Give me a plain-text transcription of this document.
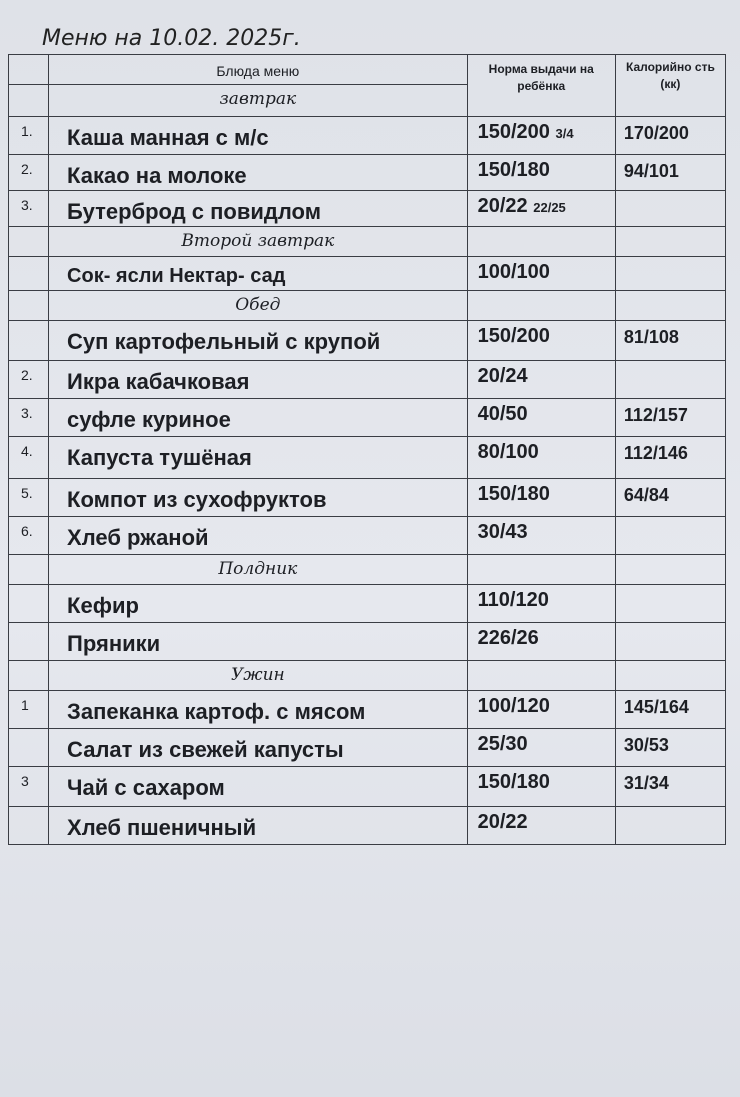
Меню на 10.02. 2025г.

	Блюда меню	Норма выдачи на ребёнка	Калорийно сть (кк)

	завтрак		

1.	Каша манная с м/с	150/200 3/4	170/200

2.	Какао на молоке	150/180	94/101

3.	Бутерброд с повидлом	20/22 22/25	

	Второй завтрак		

	Сок- ясли Нектар- сад	100/100	

	Обед		

	Суп картофельный с крупой	150/200	81/108

2.	Икра кабачковая	20/24	

3.	суфле куриное	40/50	112/157

4.	Капуста тушёная	80/100	112/146

5.	Компот из сухофруктов	150/180	64/84

6.	Хлеб ржаной	30/43	

	Полдник		

	Кефир	110/120	

	Пряники	226/26	

	Ужин		

1	Запеканка картоф. с мясом	100/120	145/164

	Салат из свежей капусты	25/30	30/53

3	Чай с сахаром	150/180	31/34

	Хлеб пшеничный	20/22	
